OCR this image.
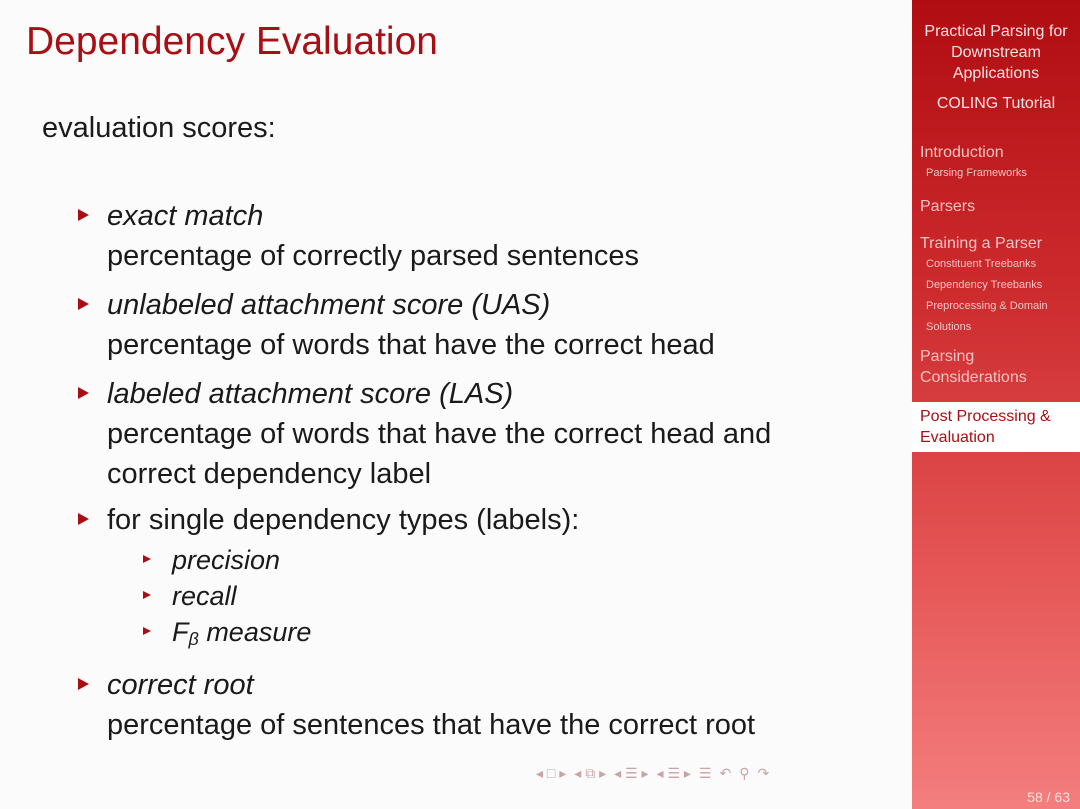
Dependency Evaluation
evaluation scores:
exact match
percentage of correctly parsed sentences
unlabeled attachment score (UAS)
percentage of words that have the correct head
labeled attachment score (LAS)
percentage of words that have the correct head and
correct dependency label
for single dependency types (labels):
precision
recall
$F_\beta$ measure
correct root
percentage of sentences that have the correct root
◂ □ ▸ ◂ ⧉ ▸ ◂ ☰ ▸ ◂ ☰ ▸ ☰ ↶ ⚲ ↷
Practical Parsing for Downstream Applications
COLING Tutorial
Introduction
Parsing Frameworks
Parsers
Training a Parser
Constituent Treebanks
Dependency Treebanks
Preprocessing & Domain
Solutions
Parsing Considerations
Post Processing & Evaluation
58 / 63
